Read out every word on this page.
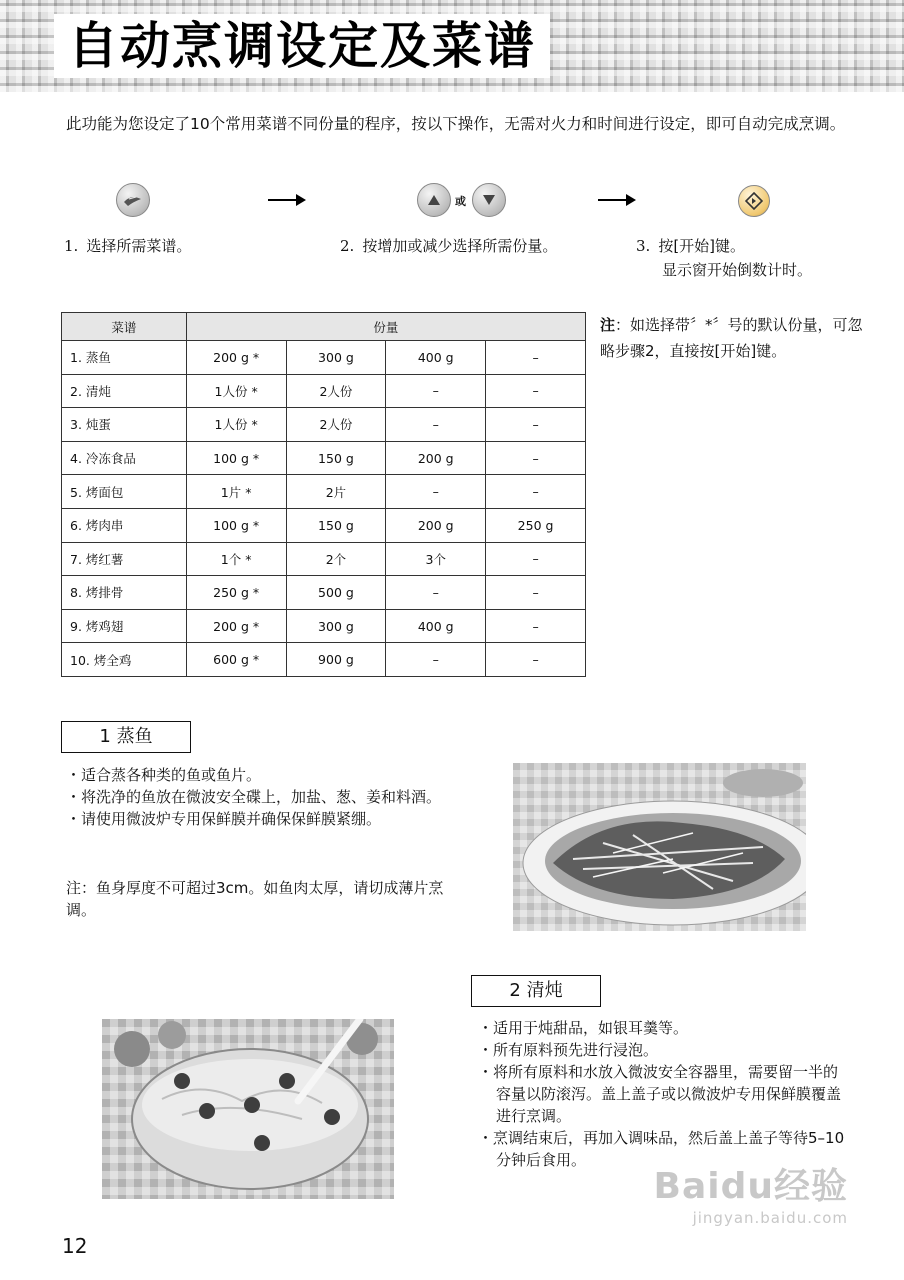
自动烹调设定及菜谱
此功能为您设定了10个常用菜谱不同份量的程序，按以下操作，无需对火力和时间进行设定，即可自动完成烹调。
或
1. 选择所需菜谱。	2. 按增加或减少选择所需份量。	3. 按[开始]键。
显示窗开始倒数计时。
注：如选择带〞*〞号的默认份量，可忽略步骤2，直接按[开始]键。
菜谱	份量			
1. 蒸鱼	200 g *	300 g	400 g	–
2. 清炖	1人份 *	2人份	–	–
3. 炖蛋	1人份 *	2人份	–	–
4. 冷冻食品	100 g *	150 g	200 g	–
5. 烤面包	1片 *	2片	–	–
6. 烤肉串	100 g *	150 g	200 g	250 g
7. 烤红薯	1个 *	2个	3个	–
8. 烤排骨	250 g *	500 g	–	–
9. 烤鸡翅	200 g *	300 g	400 g	–
10. 烤全鸡	600 g *	900 g	–	–
1 蒸鱼
・适合蒸各种类的鱼或鱼片。
・将洗净的鱼放在微波安全碟上，加盐、葱、姜和料酒。
・请使用微波炉专用保鲜膜并确保保鲜膜紧绷。
注：鱼身厚度不可超过3cm。如鱼肉太厚，请切成薄片烹调。
2 清炖
・适用于炖甜品，如银耳羹等。
・所有原料预先进行浸泡。
・将所有原料和水放入微波安全容器里，需要留一半的容量以防滚泻。盖上盖子或以微波炉专用保鲜膜覆盖进行烹调。
・烹调结束后，再加入调味品，然后盖上盖子等待5–10分钟后食用。
12
Baidu经验
jingyan.baidu.com
